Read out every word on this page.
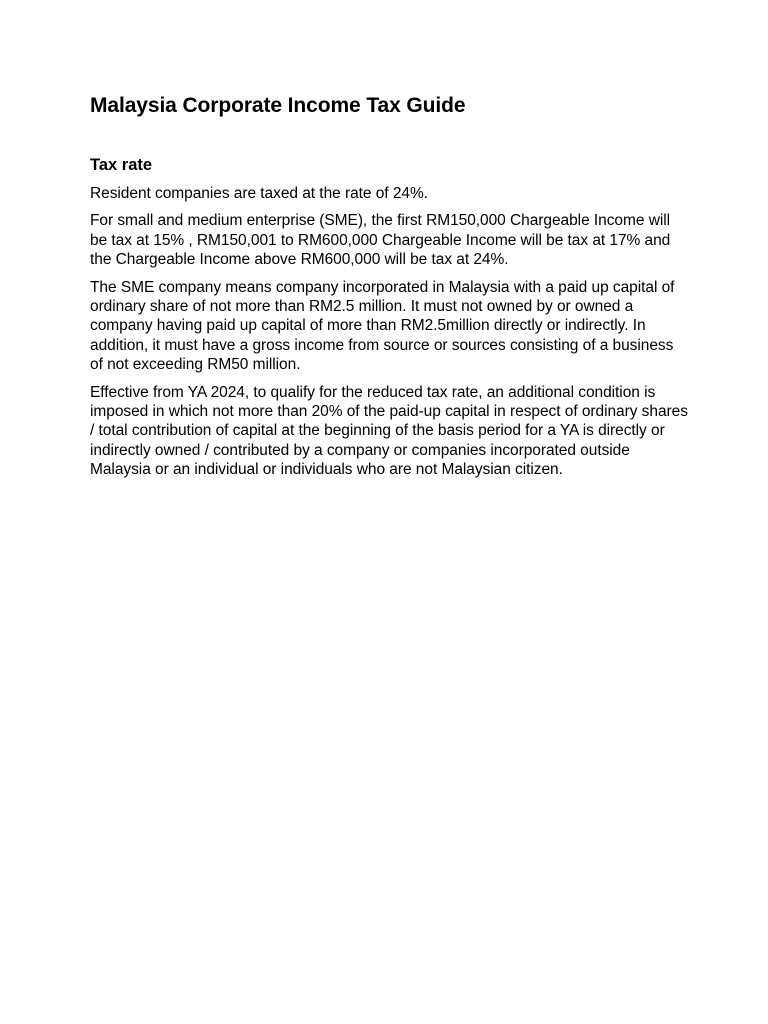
Malaysia Corporate Income Tax Guide
Tax rate

Resident companies are taxed at the rate of 24%.

For small and medium enterprise (SME), the first RM150,000 Chargeable Income will be tax at 15% , RM150,001 to RM600,000 Chargeable Income will be tax at 17% and the Chargeable Income above RM600,000 will be tax at 24%.

The SME company means company incorporated in Malaysia with a paid up capital of ordinary share of not more than RM2.5 million. It must not owned by or owned a company having paid up capital of more than RM2.5million directly or indirectly. In addition, it must have a gross income from source or sources consisting of a business of not exceeding RM50 million.

Effective from YA 2024, to qualify for the reduced tax rate, an additional condition is imposed in which not more than 20% of the paid-up capital in respect of ordinary shares / total contribution of capital at the beginning of the basis period for a YA is directly or indirectly owned / contributed by a company or companies incorporated outside Malaysia or an individual or individuals who are not Malaysian citizen.
